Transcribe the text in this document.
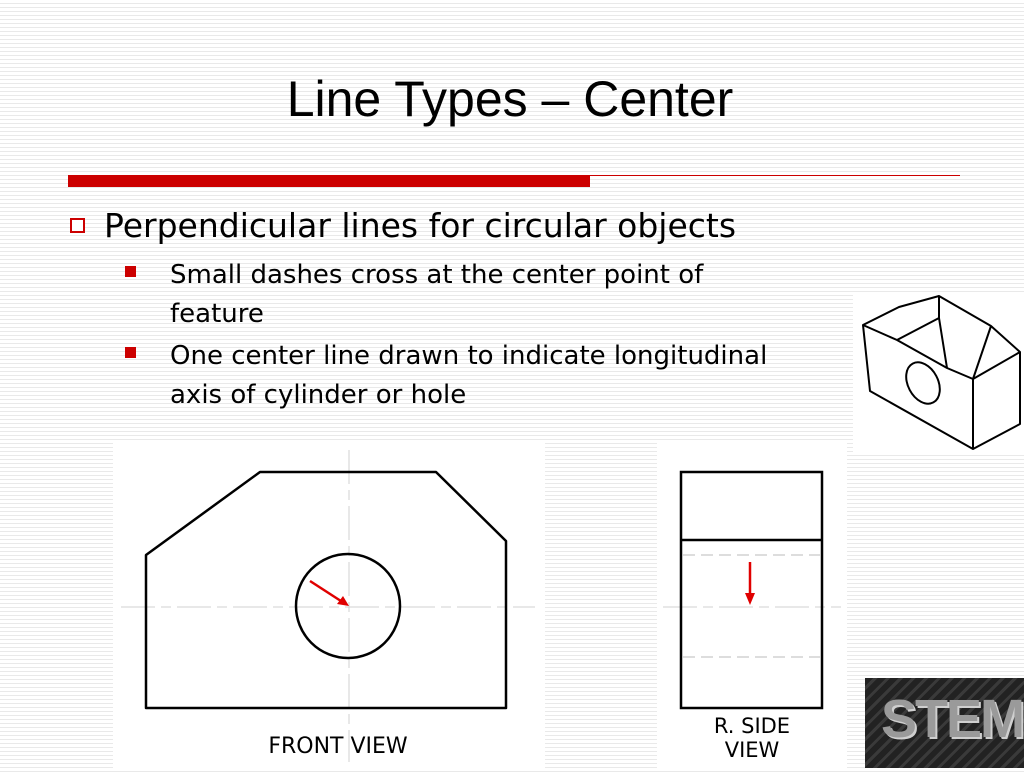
Line Types – Center
Perpendicular lines for circular objects
Small dashes cross at the center point of
feature
One center line drawn to indicate longitudinal
axis of cylinder or hole
FRONT VIEW
R. SIDE
VIEW
STEM
